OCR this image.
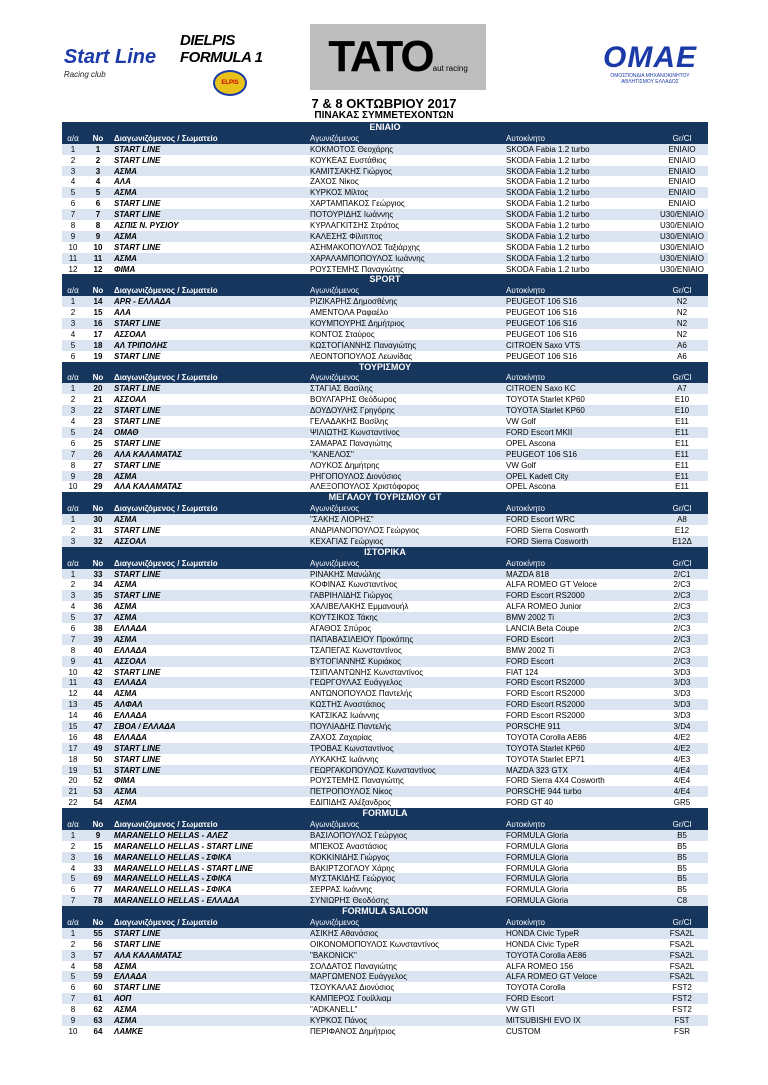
Start Line
Racing club
DIELPIS FORMULA 1
ELPIS
TATO aut racing	ΟΜΑΕ
ΟΜΟΣΠΟΝΔΙΑ ΜΗΧΑΝΟΚΙΝΗΤΟΥ ΑΘΛΗΤΙΣΜΟΥ ΕΛΛΑΔΟΣ
7 & 8 ΟΚΤΩΒΡΙΟΥ 2017
ΠΙΝΑΚΑΣ ΣΥΜΜΕΤΕΧΟΝΤΩΝ
ΕΝΙΑΙΟ
α/α	Νο	Διαγωνιζόμενος / Σωματείο	Αγωνιζόμενος	Αυτοκίνητο	Gr/Cl
1	1	START LINE	ΚΟΚΜΟΤΟΣ Θεοχάρης	SKODA Fabia 1.2 turbo	ΕΝΙΑΙΟ
2	2	START LINE	ΚΟΥΚΕΑΣ Ευστάθιος	SKODA Fabia 1.2 turbo	ΕΝΙΑΙΟ
3	3	ΑΣΜΑ	ΚΑΜΙΤΣΑΚΗΣ Γιώργος	SKODA Fabia 1.2 turbo	ΕΝΙΑΙΟ
4	4	ΑΛΑ	ΖΑΧΟΣ Νίκος	SKODA Fabia 1.2 turbo	ΕΝΙΑΙΟ
5	5	ΑΣΜΑ	ΚΥΡΚΟΣ Μίλτος	SKODA Fabia 1.2 turbo	ΕΝΙΑΙΟ
6	6	START LINE	ΧΑΡΤΑΜΠΑΚΟΣ Γεώργιος	SKODA Fabia 1.2 turbo	ΕΝΙΑΙΟ
7	7	START LINE	ΠΟΤΟΥΡΙΔΗΣ Ιωάννης	SKODA Fabia 1.2 turbo	U30/ΕΝΙΑΙΟ
8	8	ΑΣΠΙΣ Ν. ΡΥΣΙΟΥ	ΚΥΡΛΑΓΚΙΤΣΗΣ Στράτος	SKODA Fabia 1.2 turbo	U30/ΕΝΙΑΙΟ
9	9	ΑΣΜΑ	ΚΑΛΕΣΗΣ Φίλιππος	SKODA Fabia 1.2 turbo	U30/ΕΝΙΑΙΟ
10	10	START LINE	ΑΣΗΜΑΚΟΠΟΥΛΟΣ Ταξιάρχης	SKODA Fabia 1.2 turbo	U30/ΕΝΙΑΙΟ
11	11	ΑΣΜΑ	ΧΑΡΑΛΑΜΠΟΠΟΥΛΟΣ Ιωάννης	SKODA Fabia 1.2 turbo	U30/ΕΝΙΑΙΟ
12	12	ΦΙΜΑ	ΡΟΥΣΤΕΜΗΣ Παναγιώτης	SKODA Fabia 1.2 turbo	U30/ΕΝΙΑΙΟ
SPORT
α/α	Νο	Διαγωνιζόμενος / Σωματείο	Αγωνιζόμενος	Αυτοκίνητο	Gr/Cl
1	14	APR - ΕΛΛΑΔΑ	ΡΙΖΙΚΑΡΗΣ Δημοσθένης	PEUGEOT 106 S16	N2
2	15	ΑΛΑ	ΑΜΕΝΤΟΛΑ Ραφαέλο	PEUGEOT 106 S16	N2
3	16	START LINE	ΚΟΥΜΠΟΥΡΗΣ Δημήτριος	PEUGEOT 106 S16	N2
4	17	ΑΣΣΟΑΛ	ΚΟΝΤΟΣ Σταύρος	PEUGEOT 106 S16	N2
5	18	ΑΛ ΤΡΙΠΟΛΗΣ	ΚΩΣΤΟΓΙΑΝΝΗΣ Παναγιώτης	CITROEN Saxo VTS	A6
6	19	START LINE	ΛΕΟΝΤΟΠΟΥΛΟΣ Λεωνίδας	PEUGEOT 106 S16	A6
ΤΟΥΡΙΣΜΟΥ
α/α	Νο	Διαγωνιζόμενος / Σωματείο	Αγωνιζόμενος	Αυτοκίνητο	Gr/Cl
1	20	START LINE	ΣΤΑΓΙΑΣ Βασίλης	CITROEN Saxo KC	A7
2	21	ΑΣΣΟΑΛ	ΒΟΥΛΓΑΡΗΣ Θεόδωρος	TOYOTA Starlet KP60	E10
3	22	START LINE	ΔΟΥΔΟΥΛΗΣ Γρηγόρης	TOYOTA Starlet KP60	E10
4	23	START LINE	ΓΕΛΑΔΑΚΗΣ Βασίλης	VW Golf	E11
5	24	ΟΜΑΘ	ΨΙΛΙΩΤΗΣ Κωνσταντίνος	FORD Escort MKII	E11
6	25	START LINE	ΣΑΜΑΡΑΣ Παναγιώτης	OPEL Ascona	E11
7	26	ΑΛΑ ΚΑΛΑΜΑΤΑΣ	"ΚΑΝΕΛΟΣ"	PEUGEOT 106 S16	E11
8	27	START LINE	ΛΟΥΚΟΣ Δημήτρης	VW Golf	E11
9	28	ΑΣΜΑ	ΡΗΓΟΠΟΥΛΟΣ Διονύσιος	OPEL Kadett City	E11
10	29	ΑΛΑ ΚΑΛΑΜΑΤΑΣ	ΑΛΕΞΟΠΟΥΛΟΣ Χριστόφορος	OPEL Ascona	E11
ΜΕΓΑΛΟΥ ΤΟΥΡΙΣΜΟΥ GT
α/α	Νο	Διαγωνιζόμενος / Σωματείο	Αγωνιζόμενος	Αυτοκίνητο	Gr/Cl
1	30	ΑΣΜΑ	"ΣΑΚΗΣ ΛΙΟΡΗΣ"	FORD Escort WRC	A8
2	31	START LINE	ΑΝΔΡΙΑΝΟΠΟΥΛΟΣ Γεώργιος	FORD Sierra Cosworth	E12
3	32	ΑΣΣΟΑΛ	ΚΕΧΑΓΙΑΣ Γεώργιος	FORD Sierra Cosworth	E12Δ
ΙΣΤΟΡΙΚΑ
α/α	Νο	Διαγωνιζόμενος / Σωματείο	Αγωνιζόμενος	Αυτοκίνητο	Gr/Cl
1	33	START LINE	ΡΙΝΑΚΗΣ Μανώλης	MAZDA 818	2/C1
2	34	ΑΣΜΑ	ΚΟΦΙΝΑΣ Κωνσταντίνος	ALFA ROMEO GT Veloce	2/C3
3	35	START LINE	ΓΑΒΡΙΗΛΙΔΗΣ Γιώργος	FORD Escort RS2000	2/C3
4	36	ΑΣΜΑ	ΧΑΛΙΒΕΛΑΚΗΣ Εμμανουήλ	ALFA ROMEO Junior	2/C3
5	37	ΑΣΜΑ	ΚΟΥΤΣΙΚΟΣ Τάκης	BMW 2002 Ti	2/C3
6	38	ΕΛΛΑΔΑ	ΑΓΑΘΟΣ Σπύρος	LANCIA Beta Coupe	2/C3
7	39	ΑΣΜΑ	ΠΑΠΑΒΑΣΙΛΕΙΟΥ Προκόπης	FORD Escort	2/C3
8	40	ΕΛΛΑΔΑ	ΤΣΑΠΕΓΑΣ Κωνσταντίνος	BMW 2002 Ti	2/C3
9	41	ΑΣΣΟΑΛ	ΒΥΤΟΓΙΑΝΝΗΣ Κυριάκος	FORD Escort	2/C3
10	42	START LINE	ΤΣΙΠΛΑΝΤΩΝΗΣ Κωνσταντίνος	FIAT 124	3/D3
11	43	ΕΛΛΑΔΑ	ΓΕΩΡΓΟΥΛΑΣ Ευάγγελος	FORD Escort RS2000	3/D3
12	44	ΑΣΜΑ	ΑΝΤΩΝΟΠΟΥΛΟΣ Παντελής	FORD Escort RS2000	3/D3
13	45	ΑΛΦΑΛ	ΚΩΣΤΗΣ Αναστάσιος	FORD Escort RS2000	3/D3
14	46	ΕΛΛΑΔΑ	ΚΑΤΣΙΚΑΣ Ιωάννης	FORD Escort RS2000	3/D3
15	47	ΣΒΟΑ / ΕΛΛΑΔΑ	ΠΟΥΛΙΑΔΗΣ Παντελής	PORSCHE 911	3/D4
16	48	ΕΛΛΑΔΑ	ΖΑΧΟΣ Ζαχαρίας	TOYOTA Corolla AE86	4/E2
17	49	START LINE	ΤΡΟΒΑΣ Κωνσταντίνος	TOYOTA Starlet KP60	4/E2
18	50	START LINE	ΛΥΚΑΚΗΣ Ιωάννης	TOYOTA Starlet EP71	4/E3
19	51	START LINE	ΓΕΩΡΓΑΚΟΠΟΥΛΟΣ Κωνσταντίνος	MAZDA 323 GTX	4/E4
20	52	ΦΙΜΑ	ΡΟΥΣΤΕΜΗΣ Παναγιώτης	FORD Sierra 4X4 Cosworth	4/E4
21	53	ΑΣΜΑ	ΠΕΤΡΟΠΟΥΛΟΣ Νίκος	PORSCHE 944 turbo	4/E4
22	54	ΑΣΜΑ	ΕΔΙΠΙΔΗΣ Αλέξανδρος	FORD GT 40	GR5
FORMULA
α/α	Νο	Διαγωνιζόμενος / Σωματείο	Αγωνιζόμενος	Αυτοκίνητο	Gr/Cl
1	9	MARANELLO HELLAS - ΑΛΕΖ	ΒΑΣΙΛΟΠΟΥΛΟΣ Γεώργιος	FORMULA Gloria	B5
2	15	MARANELLO HELLAS - START LINE	ΜΠΕΚΟΣ Αναστάσιος	FORMULA Gloria	B5
3	16	MARANELLO HELLAS - ΣΦΙΚΑ	ΚΟΚΚΙΝΙΔΗΣ Γιώργος	FORMULA Gloria	B5
4	33	MARANELLO HELLAS - START LINE	ΒΑΚΙΡΤΖΟΓΛΟΥ Χάρης	FORMULA Gloria	B5
5	69	MARANELLO HELLAS - ΣΦΙΚΑ	ΜΥΣΤΑΚΙΔΗΣ Γεώργιος	FORMULA Gloria	B5
6	77	MARANELLO HELLAS - ΣΦΙΚΑ	ΣΕΡΡΑΣ Ιωάννης	FORMULA Gloria	B5
7	78	MARANELLO HELLAS - ΕΛΛΑΔΑ	ΣΥΝΙΩΡΗΣ Θεοδόσης	FORMULA Gloria	C8
FORMULA SALOON
α/α	Νο	Διαγωνιζόμενος / Σωματείο	Αγωνιζόμενος	Αυτοκίνητο	Gr/Cl
1	55	START LINE	ΑΣΙΚΗΣ Αθανάσιος	HONDA Civic TypeR	FSA2L
2	56	START LINE	ΟΙΚΟΝΟΜΟΠΟΥΛΟΣ Κωνσταντίνος	HONDA Civic TypeR	FSA2L
3	57	ΑΛΑ ΚΑΛΑΜΑΤΑΣ	"ΒΑΚΟΝΙCΚ"	TOYOTA Corolla AE86	FSA2L
4	58	ΑΣΜΑ	ΣΟΛΔΑΤΟΣ Παναγιώτης	ALFA ROMEO 156	FSA2L
5	59	ΕΛΛΑΔΑ	ΜΑΡΓΩΜΕΝΟΣ Ευάγγελος	ALFA ROMEO GT Veloce	FSA2L
6	60	START LINE	ΤΣΟΥΚΑΛΑΣ Διονύσιος	TOYOTA Corolla	FST2
7	61	ΑΟΠ	ΚΑΜΠΕΡΟΣ Γουίλλιαμ	FORD Escort	FST2
8	62	ΑΣΜΑ	"ΑDKANELL"	VW GTI	FST2
9	63	ΑΣΜΑ	ΚΥΡΚΟΣ Πάνος	MITSUBISHI EVO IX	FST
10	64	ΛΑΜΚΕ	ΠΕΡΙΦΑΝΟΣ Δημήτριος	CUSTOM	FSR
